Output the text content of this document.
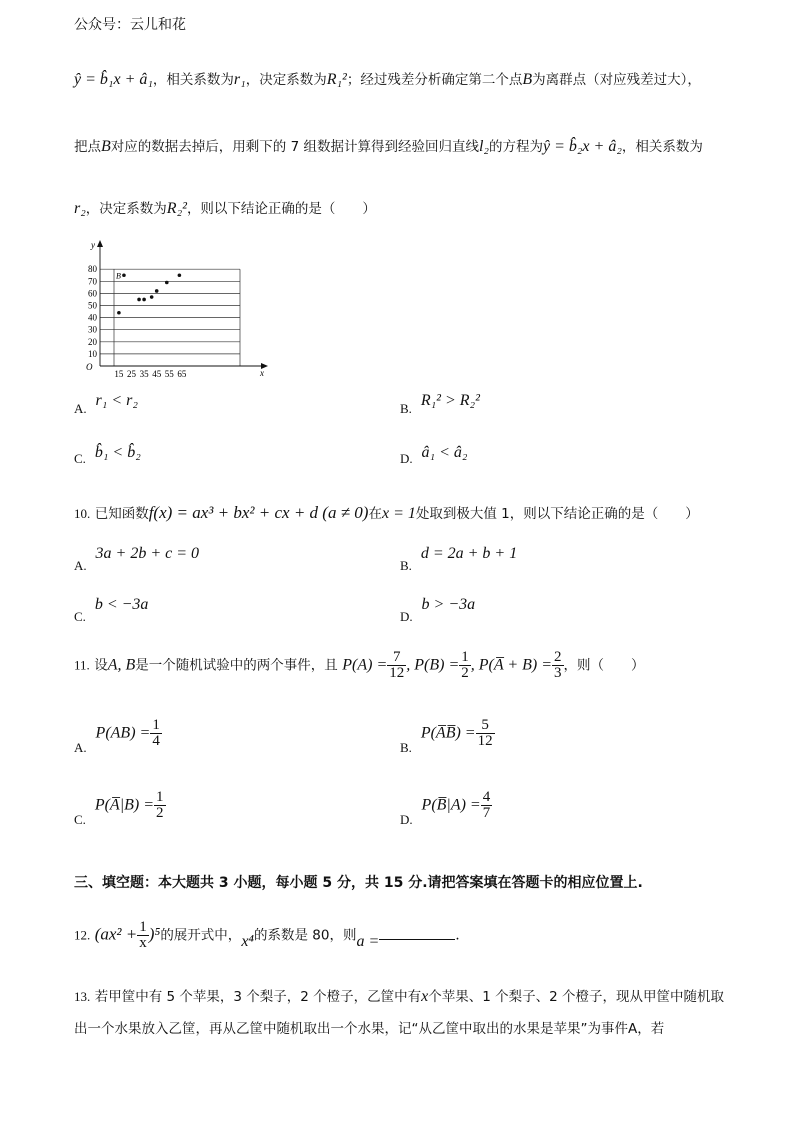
公众号：云儿和花
ŷ = b̂₁x + â₁，相关系数为r₁，决定系数为R₁²；经过残差分析确定第二个点B为离群点（对应残差过大），
把点B对应的数据去掉后，用剩下的 7 组数据计算得到经验回归直线l₂的方程为ŷ = b̂₂x + â₂，相关系数为
r₂，决定系数为R₂²，则以下结论正确的是（　　）
y
x
O
10
20
30
40
50
60
70
80
15 25 35 45 55 65
B
A. r₁ < r₂	B. R₁² > R₂²
C. b̂₁ < b̂₂	D. â₁ < â₂
10. 已知函数f(x) = ax³ + bx² + cx + d (a ≠ 0)在x = 1处取到极大值 1，则以下结论正确的是（　　）
A.  3a + 2b + c = 0
B.  d = 2a + b + 1
C.  b < −3a
D.  b > −3a
11. 设A, B是一个随机试验中的两个事件，且 $P(A) = \frac{7}{12}$ , $P(B) = \frac{1}{2}$ , P(A̅ + $B) = \frac{2}{3}$ ，则（　　）
A.  $P(AB) = \frac{1}{4}$	B.  P(A̅B̅) = $\frac{5}{12}$
C.  P(A̅|B) = $\frac{1}{2}$	D.  P(B̅|A) = $\frac{4}{7}$
三、填空题：本大题共 3 小题，每小题 5 分，共 15 分.请把答案填在答题卡的相应位置上.
12. $(ax^2 + \frac{1}{x} )^5$的展开式中，x⁴的系数是 80，则a =	.
13. 若甲筐中有 5 个苹果，3 个梨子，2 个橙子，乙筐中有x个苹果、1 个梨子、2 个橙子，现从甲筐中随机取
出一个水果放入乙筐，再从乙筐中随机取出一个水果，记“从乙筐中取出的水果是苹果”为事件A，若
